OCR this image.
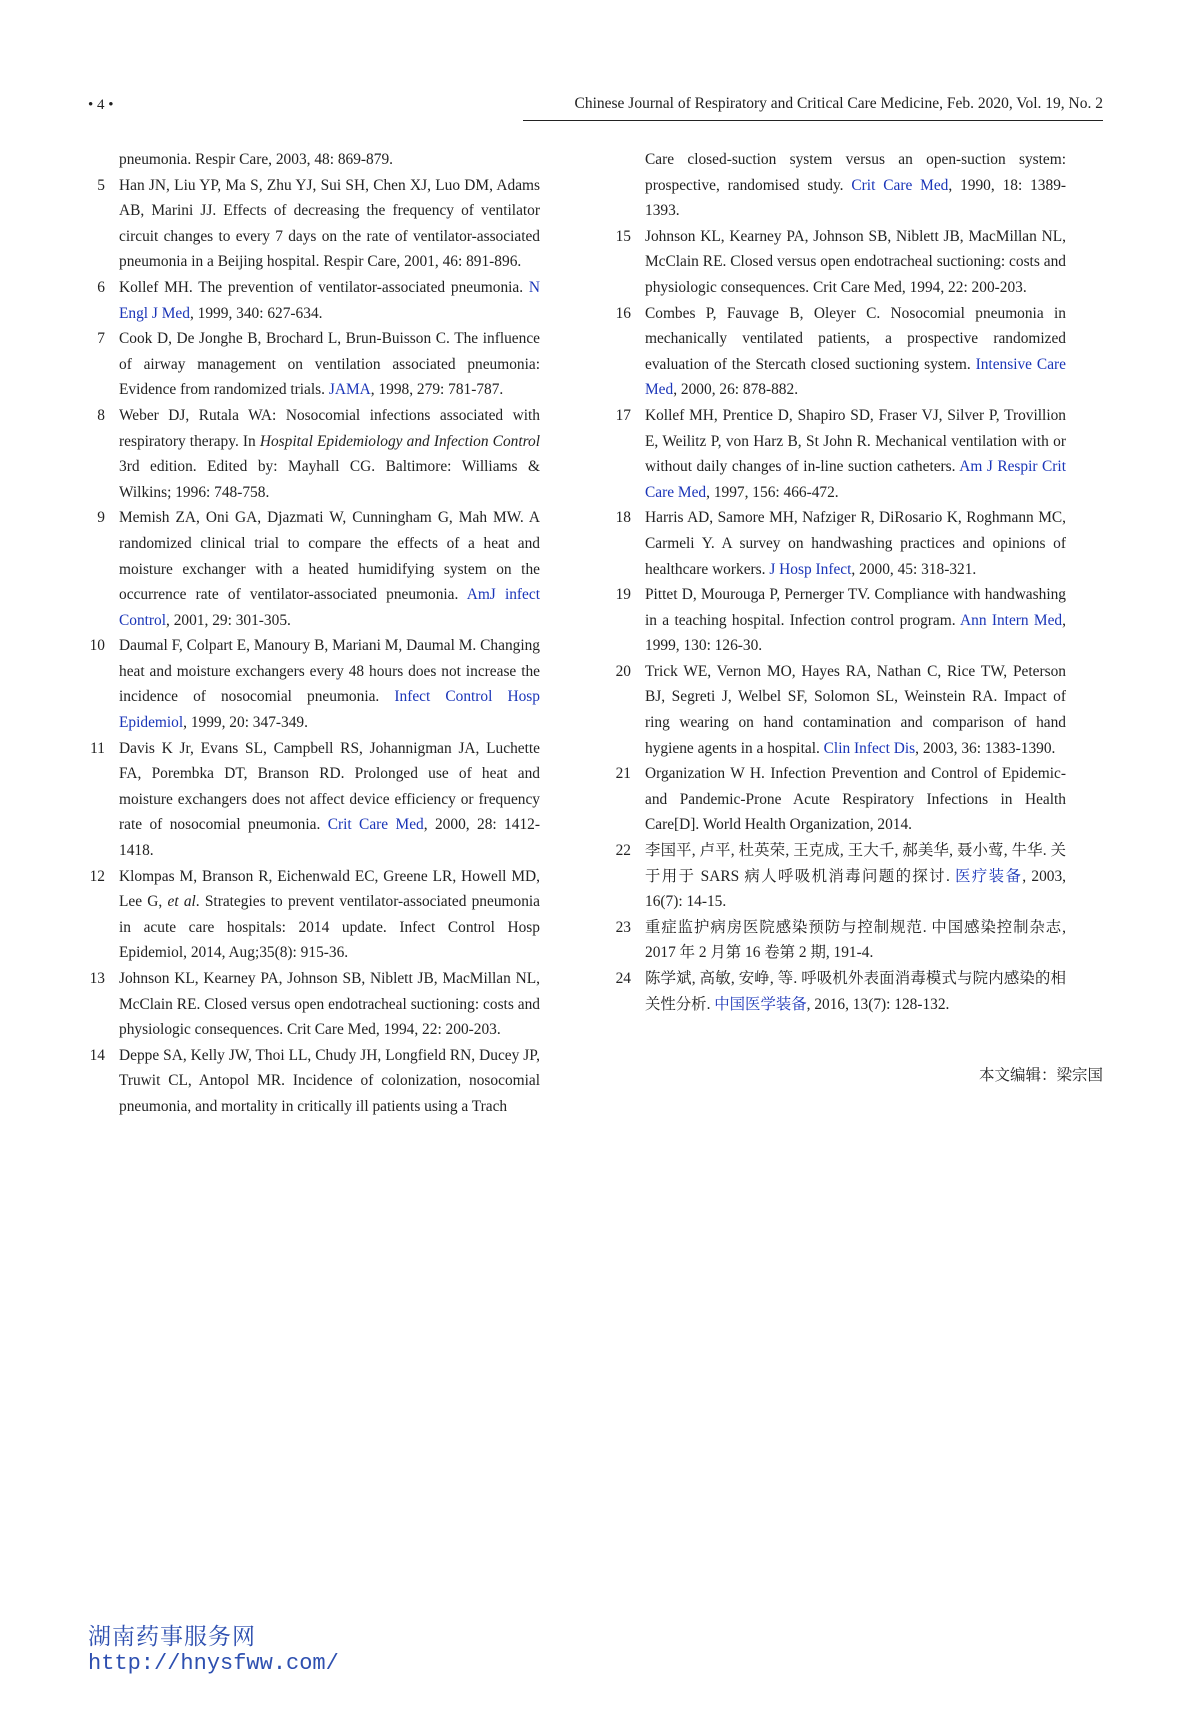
• 4 •	Chinese Journal of Respiratory and Critical Care Medicine, Feb. 2020, Vol. 19, No. 2

pneumonia. Respir Care, 2003, 48: 869-879.

5 Han JN, Liu YP, Ma S, Zhu YJ, Sui SH, Chen XJ, Luo DM, Adams AB, Marini JJ. Effects of decreasing the frequency of ventilator circuit changes to every 7 days on the rate of ventilator-associated pneumonia in a Beijing hospital. Respir Care, 2001, 46: 891-896.

6 Kollef MH. The prevention of ventilator-associated pneumonia. N Engl J Med, 1999, 340: 627-634.

7 Cook D, De Jonghe B, Brochard L, Brun-Buisson C. The influence of airway management on ventilation associated pneumonia: Evidence from randomized trials. JAMA, 1998, 279: 781-787.

8 Weber DJ, Rutala WA: Nosocomial infections associated with respiratory therapy. In Hospital Epidemiology and Infection Control 3rd edition. Edited by: Mayhall CG. Baltimore: Williams & Wilkins; 1996: 748-758.

9 Memish ZA, Oni GA, Djazmati W, Cunningham G, Mah MW. A randomized clinical trial to compare the effects of a heat and moisture exchanger with a heated humidifying system on the occurrence rate of ventilator-associated pneumonia. AmJ infect Control, 2001, 29: 301-305.

10 Daumal F, Colpart E, Manoury B, Mariani M, Daumal M. Changing heat and moisture exchangers every 48 hours does not increase the incidence of nosocomial pneumonia. Infect Control Hosp Epidemiol, 1999, 20: 347-349.

11 Davis K Jr, Evans SL, Campbell RS, Johannigman JA, Luchette FA, Porembka DT, Branson RD. Prolonged use of heat and moisture exchangers does not affect device efficiency or frequency rate of nosocomial pneumonia. Crit Care Med, 2000, 28: 1412-1418.

12 Klompas M, Branson R, Eichenwald EC, Greene LR, Howell MD, Lee G, et al. Strategies to prevent ventilator-associated pneumonia in acute care hospitals: 2014 update. Infect Control Hosp Epidemiol, 2014, Aug;35(8): 915-36.

13 Johnson KL, Kearney PA, Johnson SB, Niblett JB, MacMillan NL, McClain RE. Closed versus open endotracheal suctioning: costs and physiologic consequences. Crit Care Med, 1994, 22: 200-203.

14 Deppe SA, Kelly JW, Thoi LL, Chudy JH, Longfield RN, Ducey JP, Truwit CL, Antopol MR. Incidence of colonization, nosocomial pneumonia, and mortality in critically ill patients using a Trach

Care closed-suction system versus an open-suction system: prospective, randomised study. Crit Care Med, 1990, 18: 1389-1393.

15 Johnson KL, Kearney PA, Johnson SB, Niblett JB, MacMillan NL, McClain RE. Closed versus open endotracheal suctioning: costs and physiologic consequences. Crit Care Med, 1994, 22: 200-203.

16 Combes P, Fauvage B, Oleyer C. Nosocomial pneumonia in mechanically ventilated patients, a prospective randomized evaluation of the Stercath closed suctioning system. Intensive Care Med, 2000, 26: 878-882.

17 Kollef MH, Prentice D, Shapiro SD, Fraser VJ, Silver P, Trovillion E, Weilitz P, von Harz B, St John R. Mechanical ventilation with or without daily changes of in-line suction catheters. Am J Respir Crit Care Med, 1997, 156: 466-472.

18 Harris AD, Samore MH, Nafziger R, DiRosario K, Roghmann MC, Carmeli Y. A survey on handwashing practices and opinions of healthcare workers. J Hosp Infect, 2000, 45: 318-321.

19 Pittet D, Mourouga P, Pernerger TV. Compliance with handwashing in a teaching hospital. Infection control program. Ann Intern Med, 1999, 130: 126-30.

20 Trick WE, Vernon MO, Hayes RA, Nathan C, Rice TW, Peterson BJ, Segreti J, Welbel SF, Solomon SL, Weinstein RA. Impact of ring wearing on hand contamination and comparison of hand hygiene agents in a hospital. Clin Infect Dis, 2003, 36: 1383-1390.

21 Organization W H. Infection Prevention and Control of Epidemic-and Pandemic-Prone Acute Respiratory Infections in Health Care[D]. World Health Organization, 2014.

22 李国平, 卢平, 杜英荣, 王克成, 王大千, 郝美华, 聂小莺, 牛华. 关于用于 SARS 病人呼吸机消毒问题的探讨. 医疗装备, 2003, 16(7): 14-15.

23 重症监护病房医院感染预防与控制规范. 中国感染控制杂志, 2017 年 2 月第 16 卷第 2 期, 191-4.

24 陈学斌, 高敏, 安峥, 等. 呼吸机外表面消毒模式与院内感染的相关性分析. 中国医学装备, 2016, 13(7): 128-132.

本文编辑：梁宗国
湖南药事服务网
http://hnysfww.com/
